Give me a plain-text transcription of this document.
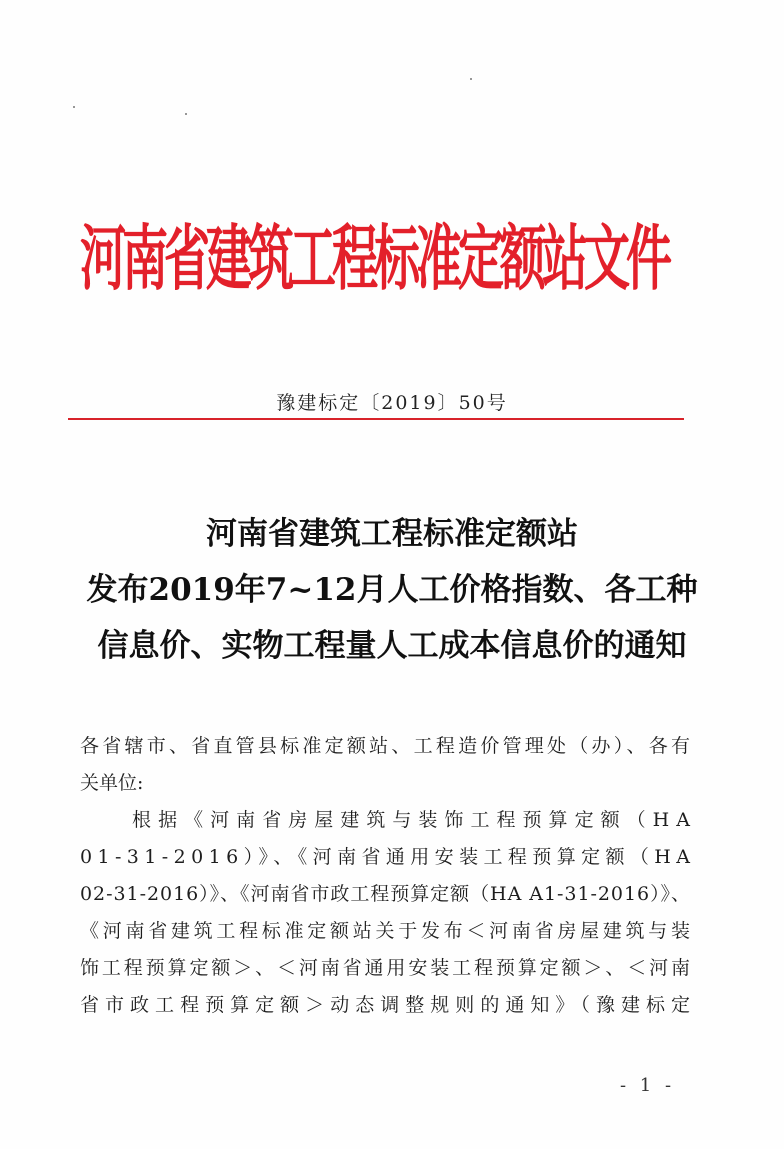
河南省建筑工程标准定额站文件
豫建标定〔2019〕50号
河南省建筑工程标准定额站
发布2019年7~12月人工价格指数、各工种
信息价、实物工程量人工成本信息价的通知
各省辖市、省直管县标准定额站、工程造价管理处（办）、各有
关单位:
　　根据《河南省房屋建筑与装饰工程预算定额（HA
01-31-2016）》、《河南省通用安装工程预算定额（HA
02-31-2016）》、《河南省市政工程预算定额（HA A1-31-2016）》、
《河南省建筑工程标准定额站关于发布＜河南省房屋建筑与装
饰工程预算定额＞、＜河南省通用安装工程预算定额＞、＜河南
省市政工程预算定额＞动态调整规则的通知》（豫建标定
- 1 -
